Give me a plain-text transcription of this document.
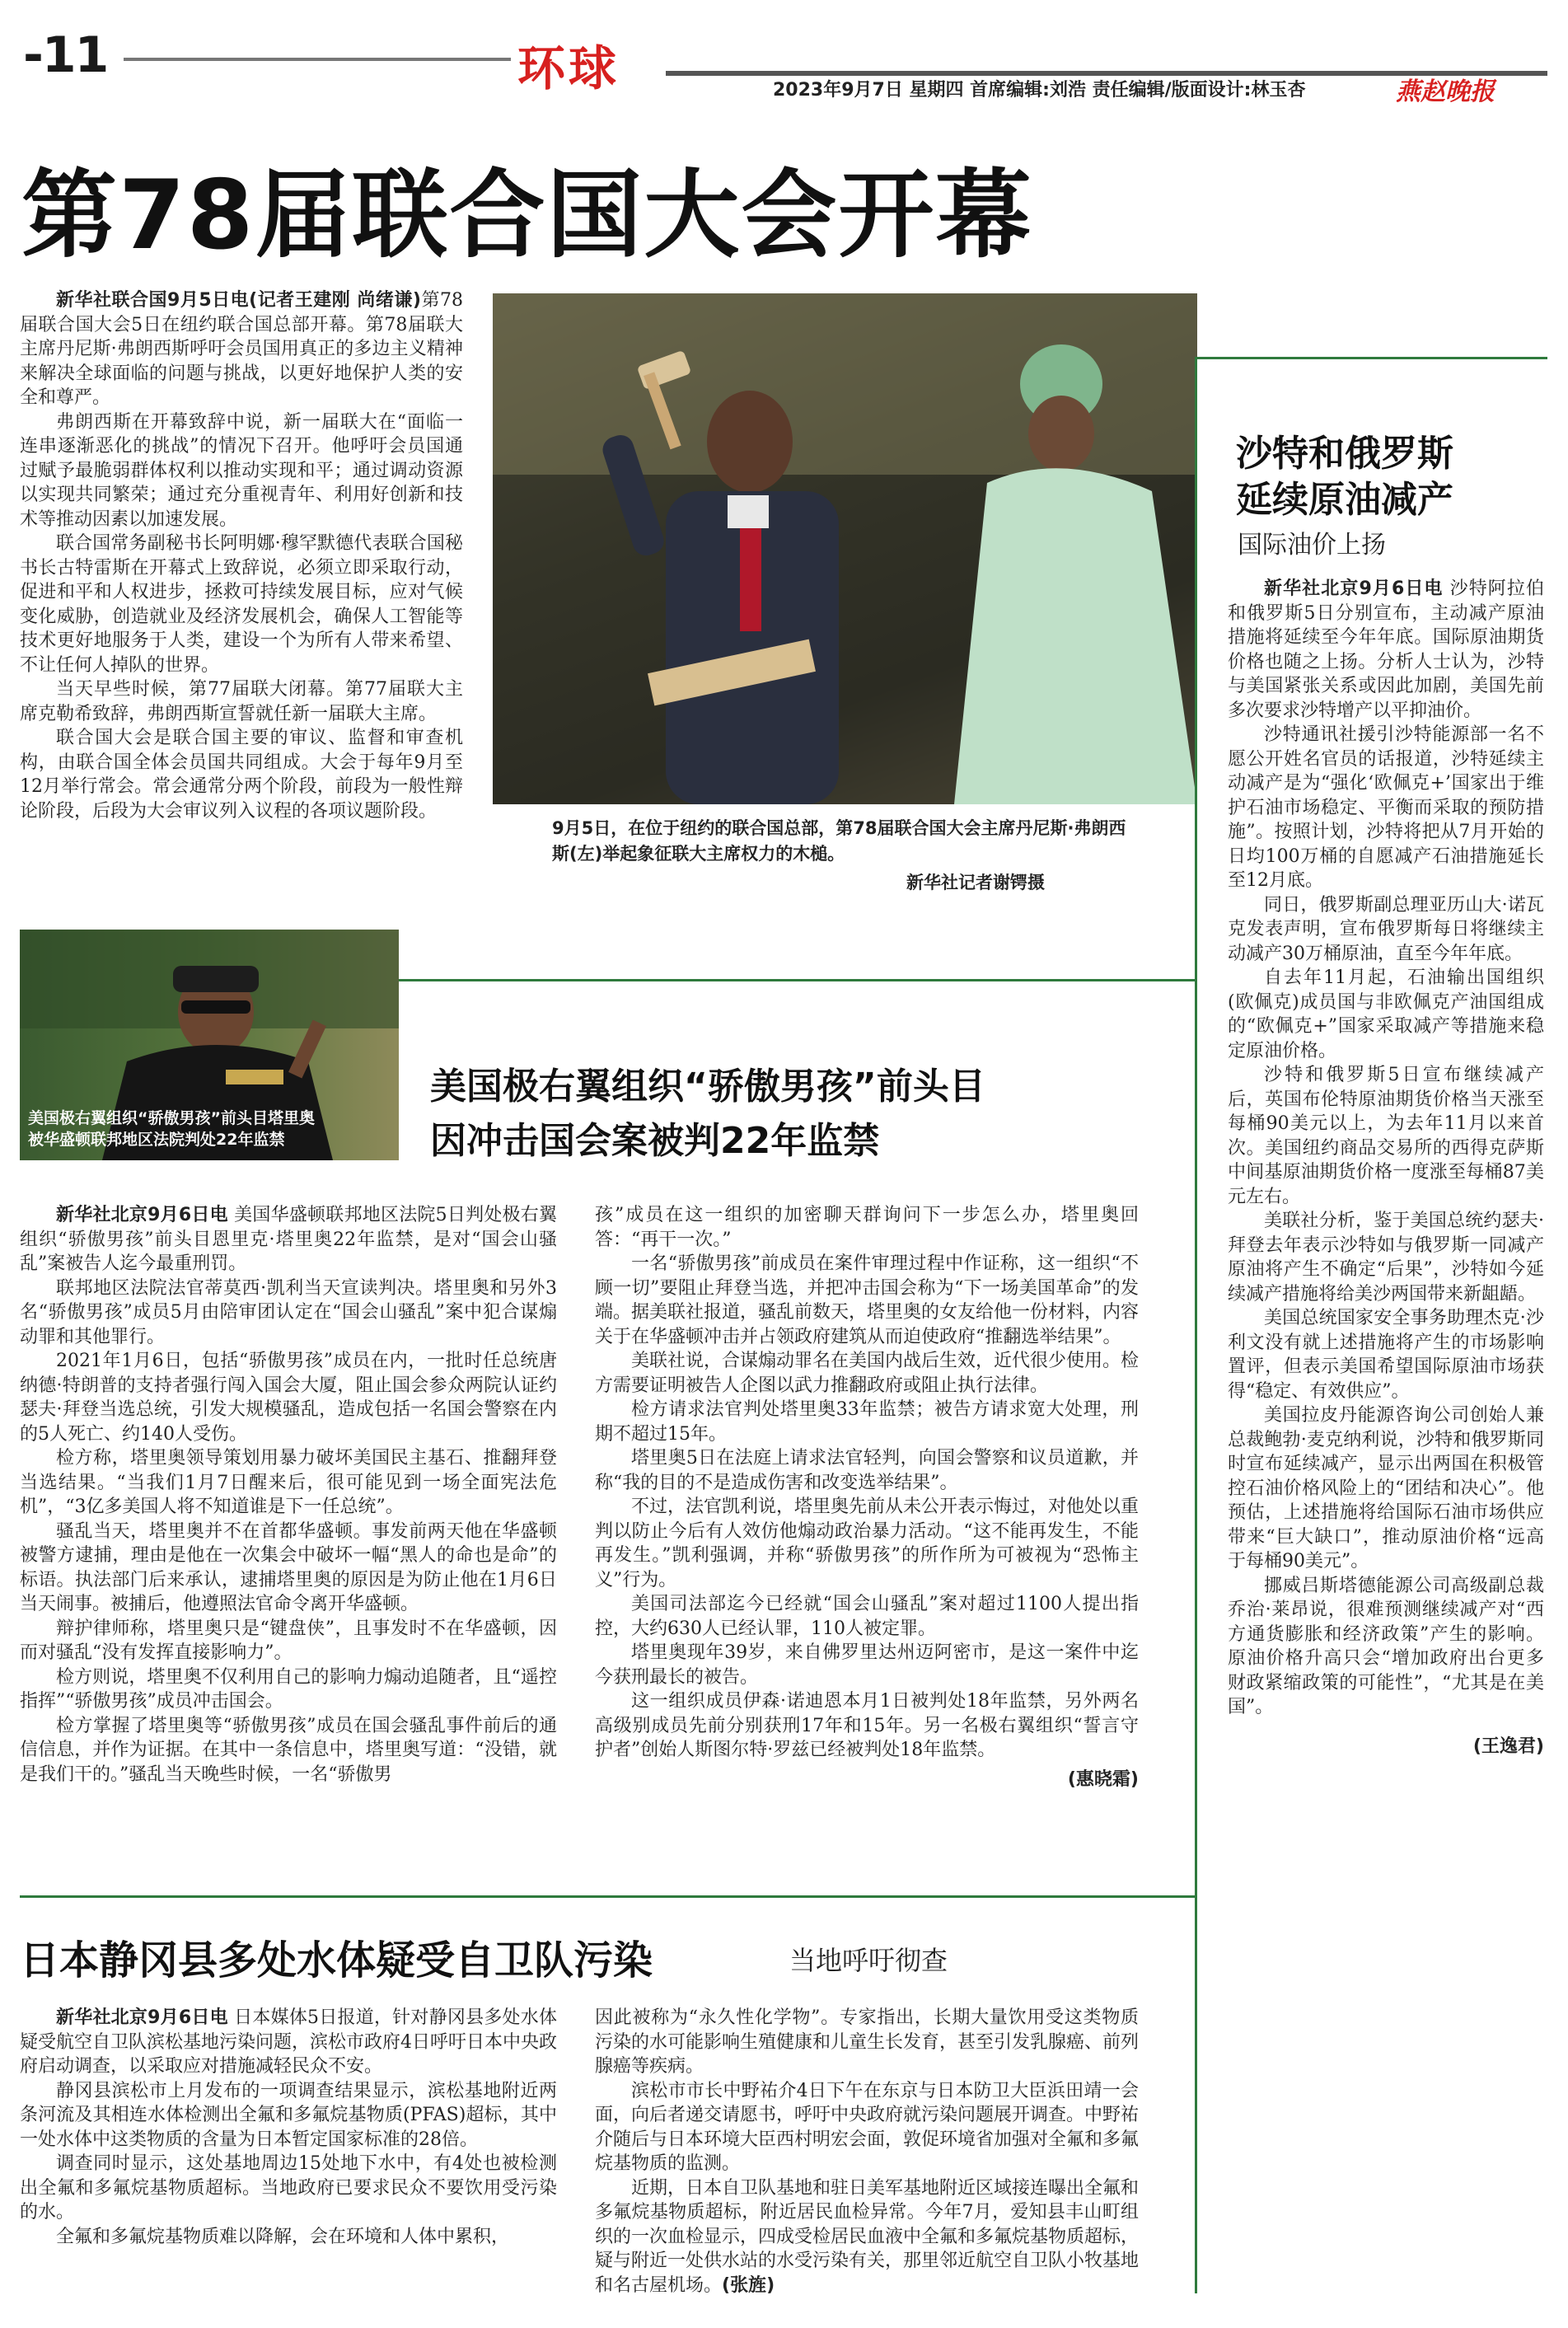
-11	环球	2023年9月7日 星期四 首席编辑:刘浩 责任编辑/版面设计:林玉杏	燕赵晚报
第78届联合国大会开幕

新华社联合国9月5日电(记者王建刚 尚绪谦)第78届联合国大会5日在纽约联合国总部开幕。第78届联大主席丹尼斯·弗朗西斯呼吁会员国用真正的多边主义精神来解决全球面临的问题与挑战，以更好地保护人类的安全和尊严。

弗朗西斯在开幕致辞中说，新一届联大在“面临一连串逐渐恶化的挑战”的情况下召开。他呼吁会员国通过赋予最脆弱群体权利以推动实现和平；通过调动资源以实现共同繁荣；通过充分重视青年、利用好创新和技术等推动因素以加速发展。

联合国常务副秘书长阿明娜·穆罕默德代表联合国秘书长古特雷斯在开幕式上致辞说，必须立即采取行动，促进和平和人权进步，拯救可持续发展目标，应对气候变化威胁，创造就业及经济发展机会，确保人工智能等技术更好地服务于人类，建设一个为所有人带来希望、不让任何人掉队的世界。

当天早些时候，第77届联大闭幕。第77届联大主席克勒希致辞，弗朗西斯宣誓就任新一届联大主席。

联合国大会是联合国主要的审议、监督和审查机构，由联合国全体会员国共同组成。大会于每年9月至12月举行常会。常会通常分两个阶段，前段为一般性辩论阶段，后段为大会审议列入议程的各项议题阶段。

9月5日，在位于纽约的联合国总部，第78届联合国大会主席丹尼斯·弗朗西斯(左)举起象征联大主席权力的木槌。
新华社记者谢锷摄
沙特和俄罗斯
延续原油减产
国际油价上扬

新华社北京9月6日电 沙特阿拉伯和俄罗斯5日分别宣布，主动减产原油措施将延续至今年年底。国际原油期货价格也随之上扬。分析人士认为，沙特与美国紧张关系或因此加剧，美国先前多次要求沙特增产以平抑油价。

沙特通讯社援引沙特能源部一名不愿公开姓名官员的话报道，沙特延续主动减产是为“强化‘欧佩克+’国家出于维护石油市场稳定、平衡而采取的预防措施”。按照计划，沙特将把从7月开始的日均100万桶的自愿减产石油措施延长至12月底。

同日，俄罗斯副总理亚历山大·诺瓦克发表声明，宣布俄罗斯每日将继续主动减产30万桶原油，直至今年年底。

自去年11月起，石油输出国组织(欧佩克)成员国与非欧佩克产油国组成的“欧佩克+”国家采取减产等措施来稳定原油价格。

沙特和俄罗斯5日宣布继续减产后，英国布伦特原油期货价格当天涨至每桶90美元以上，为去年11月以来首次。美国纽约商品交易所的西得克萨斯中间基原油期货价格一度涨至每桶87美元左右。

美联社分析，鉴于美国总统约瑟夫·拜登去年表示沙特如与俄罗斯一同减产原油将产生不确定“后果”，沙特如今延续减产措施将给美沙两国带来新龃龉。

美国总统国家安全事务助理杰克·沙利文没有就上述措施将产生的市场影响置评，但表示美国希望国际原油市场获得“稳定、有效供应”。

美国拉皮丹能源咨询公司创始人兼总裁鲍勃·麦克纳利说，沙特和俄罗斯同时宣布延续减产，显示出两国在积极管控石油价格风险上的“团结和决心”。他预估，上述措施将给国际石油市场供应带来“巨大缺口”，推动原油价格“远高于每桶90美元”。

挪威吕斯塔德能源公司高级副总裁乔治·莱昂说，很难预测继续减产对“西方通货膨胀和经济政策”产生的影响。原油价格升高只会“增加政府出台更多财政紧缩政策的可能性”，“尤其是在美国”。

(王逸君)
美国极右翼组织“骄傲男孩”前头目塔里奥
被华盛顿联邦地区法院判处22年监禁
美国极右翼组织“骄傲男孩”前头目
因冲击国会案被判22年监禁

新华社北京9月6日电 美国华盛顿联邦地区法院5日判处极右翼组织“骄傲男孩”前头目恩里克·塔里奥22年监禁，是对“国会山骚乱”案被告人迄今最重刑罚。

联邦地区法院法官蒂莫西·凯利当天宣读判决。塔里奥和另外3名“骄傲男孩”成员5月由陪审团认定在“国会山骚乱”案中犯合谋煽动罪和其他罪行。

2021年1月6日，包括“骄傲男孩”成员在内，一批时任总统唐纳德·特朗普的支持者强行闯入国会大厦，阻止国会参众两院认证约瑟夫·拜登当选总统，引发大规模骚乱，造成包括一名国会警察在内的5人死亡、约140人受伤。

检方称，塔里奥领导策划用暴力破坏美国民主基石、推翻拜登当选结果。“当我们1月7日醒来后，很可能见到一场全面宪法危机”，“3亿多美国人将不知道谁是下一任总统”。

骚乱当天，塔里奥并不在首都华盛顿。事发前两天他在华盛顿被警方逮捕，理由是他在一次集会中破坏一幅“黑人的命也是命”的标语。执法部门后来承认，逮捕塔里奥的原因是为防止他在1月6日当天闹事。被捕后，他遵照法官命令离开华盛顿。

辩护律师称，塔里奥只是“键盘侠”，且事发时不在华盛顿，因而对骚乱“没有发挥直接影响力”。

检方则说，塔里奥不仅利用自己的影响力煽动追随者，且“遥控指挥”“骄傲男孩”成员冲击国会。

检方掌握了塔里奥等“骄傲男孩”成员在国会骚乱事件前后的通信信息，并作为证据。在其中一条信息中，塔里奥写道：“没错，就是我们干的。”骚乱当天晚些时候，一名“骄傲男

孩”成员在这一组织的加密聊天群询问下一步怎么办，塔里奥回答：“再干一次。”

一名“骄傲男孩”前成员在案件审理过程中作证称，这一组织“不顾一切”要阻止拜登当选，并把冲击国会称为“下一场美国革命”的发端。据美联社报道，骚乱前数天，塔里奥的女友给他一份材料，内容关于在华盛顿冲击并占领政府建筑从而迫使政府“推翻选举结果”。

美联社说，合谋煽动罪名在美国内战后生效，近代很少使用。检方需要证明被告人企图以武力推翻政府或阻止执行法律。

检方请求法官判处塔里奥33年监禁；被告方请求宽大处理，刑期不超过15年。

塔里奥5日在法庭上请求法官轻判，向国会警察和议员道歉，并称“我的目的不是造成伤害和改变选举结果”。

不过，法官凯利说，塔里奥先前从未公开表示悔过，对他处以重判以防止今后有人效仿他煽动政治暴力活动。“这不能再发生，不能再发生。”凯利强调，并称“骄傲男孩”的所作所为可被视为“恐怖主义”行为。

美国司法部迄今已经就“国会山骚乱”案对超过1100人提出指控，大约630人已经认罪，110人被定罪。

塔里奥现年39岁，来自佛罗里达州迈阿密市，是这一案件中迄今获刑最长的被告。

这一组织成员伊森·诺迪恩本月1日被判处18年监禁，另外两名高级别成员先前分别获刑17年和15年。另一名极右翼组织“誓言守护者”创始人斯图尔特·罗兹已经被判处18年监禁。

(惠晓霜)
日本静冈县多处水体疑受自卫队污染	当地呼吁彻查

新华社北京9月6日电 日本媒体5日报道，针对静冈县多处水体疑受航空自卫队滨松基地污染问题，滨松市政府4日呼吁日本中央政府启动调查，以采取应对措施减轻民众不安。

静冈县滨松市上月发布的一项调查结果显示，滨松基地附近两条河流及其相连水体检测出全氟和多氟烷基物质(PFAS)超标，其中一处水体中这类物质的含量为日本暂定国家标准的28倍。

调查同时显示，这处基地周边15处地下水中，有4处也被检测出全氟和多氟烷基物质超标。当地政府已要求民众不要饮用受污染的水。

全氟和多氟烷基物质难以降解，会在环境和人体中累积，

因此被称为“永久性化学物”。专家指出，长期大量饮用受这类物质污染的水可能影响生殖健康和儿童生长发育，甚至引发乳腺癌、前列腺癌等疾病。

滨松市市长中野祐介4日下午在东京与日本防卫大臣浜田靖一会面，向后者递交请愿书，呼吁中央政府就污染问题展开调查。中野祐介随后与日本环境大臣西村明宏会面，敦促环境省加强对全氟和多氟烷基物质的监测。

近期，日本自卫队基地和驻日美军基地附近区域接连曝出全氟和多氟烷基物质超标，附近居民血检异常。今年7月，爱知县丰山町组织的一次血检显示，四成受检居民血液中全氟和多氟烷基物质超标，疑与附近一处供水站的水受污染有关，那里邻近航空自卫队小牧基地和名古屋机场。(张旌)
